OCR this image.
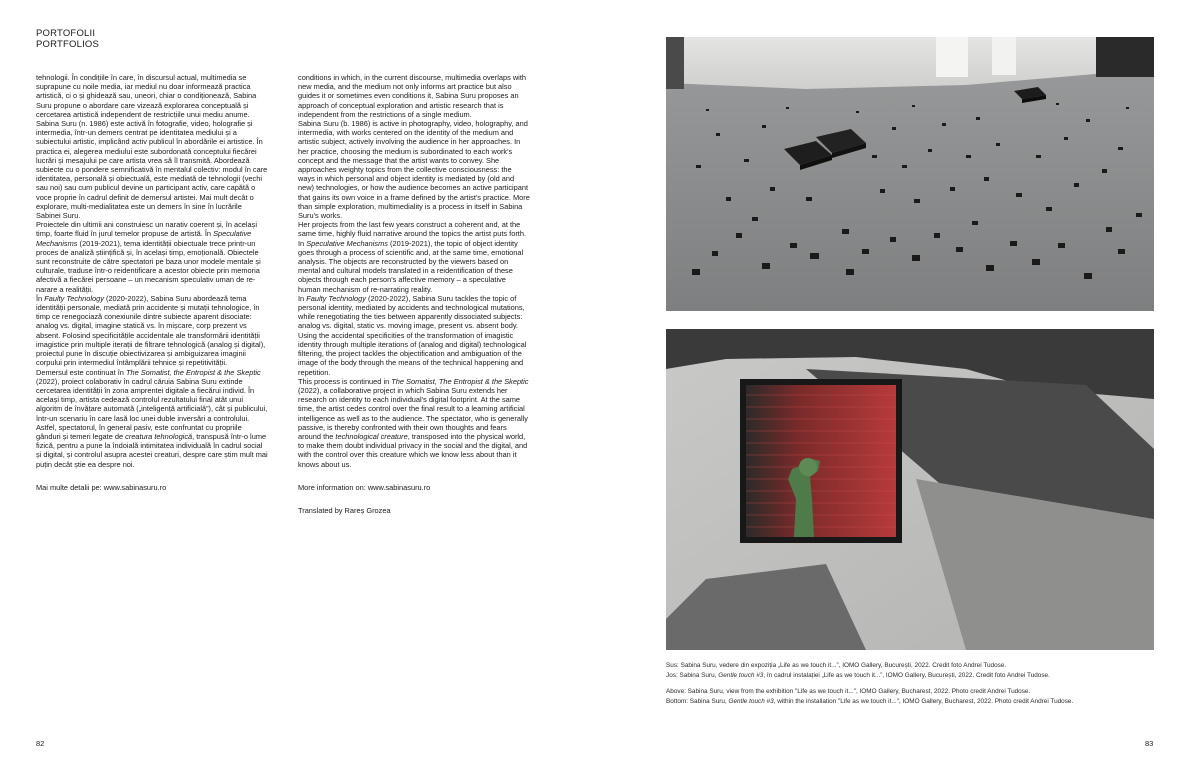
PORTOFOLII
PORTFOLIOS

tehnologii. În condițiile în care, în discursul actual, multimedia se suprapune cu noile media, iar mediul nu doar informează practica artistică, ci o și ghidează sau, uneori, chiar o condiționează, Sabina Suru propune o abordare care vizează explorarea conceptuală și cercetarea artistică independent de restricțiile unui mediu anume.

Sabina Suru (n. 1986) este activă în fotografie, video, holografie și intermedia, într-un demers centrat pe identitatea mediului și a subiectului artistic, implicând activ publicul în abordările ei artistice. În practica ei, alegerea mediului este subordonată conceptului fiecărei lucrări și mesajului pe care artista vrea să îl transmită. Abordează subiecte cu o pondere semnificativă în mentalul colectiv: modul în care identitatea, personală și obiectuală, este mediată de tehnologii (vechi sau noi) sau cum publicul devine un participant activ, care capătă o voce proprie în cadrul definit de demersul artistei. Mai mult decât o explorare, multi-medialitatea este un demers în sine în lucrările Sabinei Suru.

Proiectele din ultimii ani construiesc un narativ coerent și, în același timp, foarte fluid în jurul temelor propuse de artistă. În Speculative Mechanisms (2019-2021), tema identității obiectuale trece printr-un proces de analiză științifică și, în același timp, emoțională. Obiectele sunt reconstruite de către spectatori pe baza unor modele mentale și culturale, traduse într-o reidentificare a acestor obiecte prin memoria afectivă a fiecărei persoane – un mecanism speculativ uman de re-narare a realității.

În Faulty Technology (2020-2022), Sabina Suru abordează tema identității personale, mediată prin accidente și mutații tehnologice, în timp ce renegociază conexiunile dintre subiecte aparent disociate: analog vs. digital, imagine statică vs. în mișcare, corp prezent vs absent. Folosind specificitățile accidentale ale transformării identității imagistice prin multiple iterații de filtrare tehnologică (analog și digital), proiectul pune în discuție obiectivizarea și ambiguizarea imaginii corpului prin intermediul întâmplării tehnice și repetitivității.

Demersul este continuat în The Somatist, the Entropist & the Skeptic (2022), proiect colaborativ în cadrul căruia Sabina Suru extinde cercetarea identității în zona amprentei digitale a fiecărui individ. În același timp, artista cedează controlul rezultatului final atât unui algoritm de învățare automată („inteligență artificială”), cât și publicului, într-un scenariu în care lasă loc unei duble inversări a controlului. Astfel, spectatorul, în general pasiv, este confruntat cu propriile gânduri și temeri legate de creatura tehnologică, transpusă într-o lume fizică, pentru a pune la îndoială intimitatea individuală în cadrul social și digital, și controlul asupra acestei creaturi, despre care știm mult mai puțin decât știe ea despre noi.

Mai multe detalii pe: www.sabinasuru.ro

conditions in which, in the current discourse, multimedia overlaps with new media, and the medium not only informs art practice but also guides it or sometimes even conditions it, Sabina Suru proposes an approach of conceptual exploration and artistic research that is independent from the restrictions of a single medium.

Sabina Suru (b. 1986) is active in photography, video, holography, and intermedia, with works centered on the identity of the medium and artistic subject, actively involving the audience in her approaches. In her practice, choosing the medium is subordinated to each work's concept and the message that the artist wants to convey. She approaches weighty topics from the collective consciousness: the ways in which personal and object identity is mediated by (old and new) technologies, or how the audience becomes an active participant that gains its own voice in a frame defined by the artist's practice. More than simple exploration, multimediality is a process in itself in Sabina Suru's works.

Her projects from the last few years construct a coherent and, at the same time, highly fluid narrative around the topics the artist puts forth. In Speculative Mechanisms (2019-2021), the topic of object identity goes through a process of scientific and, at the same time, emotional analysis. The objects are reconstructed by the viewers based on mental and cultural models translated in a reidentification of these objects through each person's affective memory – a speculative human mechanism of re-narrating reality.

In Faulty Technology (2020-2022), Sabina Suru tackles the topic of personal identity, mediated by accidents and technological mutations, while renegotiating the ties between apparently dissociated subjects: analog vs. digital, static vs. moving image, present vs. absent body. Using the accidental specificities of the transformation of imagistic identity through multiple iterations of (analog and digital) technological filtering, the project tackles the objectification and ambiguation of the image of the body through the means of the technical happening and repetition.

This process is continued in The Somatist, The Entropist & the Skeptic (2022), a collaborative project in which Sabina Suru extends her research on identity to each individual's digital footprint. At the same time, the artist cedes control over the final result to a learning artificial intelligence as well as to the audience. The spectator, who is generally passive, is thereby confronted with their own thoughts and fears around the technological creature, transposed into the physical world, to make them doubt individual privacy in the social and the digital, and with the control over this creature which we know less about than it knows about us.

More information on: www.sabinasuru.ro

Translated by Rareș Grozea

Sus: Sabina Suru, vedere din expoziția „Life as we touch it...”, IOMO Gallery, București, 2022. Credit foto Andrei Tudose.

Jos: Sabina Suru, Gentle touch #3, în cadrul instalației „Life as we touch it...”, IOMO Gallery, București, 2022. Credit foto Andrei Tudose.

Above: Sabina Suru, view from the exhibition "Life as we touch it...", IOMO Gallery, Bucharest, 2022. Photo credit Andrei Tudose.

Bottom: Sabina Suru, Gentle touch #3, within the installation "Life as we touch it...", IOMO Gallery, Bucharest, 2022. Photo credit Andrei Tudose.

82	83
